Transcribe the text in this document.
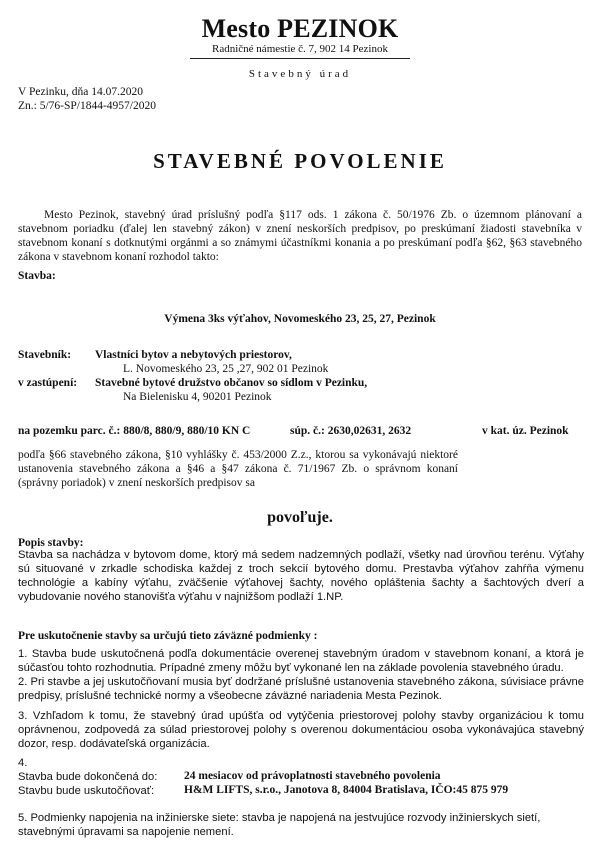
Mesto PEZINOK
Radničné námestie č. 7, 902 14 Pezinok
Stavebný úrad
V Pezinku, dňa 14.07.2020
Zn.: 5/76-SP/1844-4957/2020
STAVEBNÉ POVOLENIE
Mesto Pezinok, stavebný úrad príslušný podľa §117 ods. 1 zákona č. 50/1976 Zb. o územnom plánovaní a stavebnom poriadku (ďalej len stavebný zákon) v znení neskorších predpisov, po preskúmaní žiadosti stavebníka v stavebnom konaní s dotknutými orgánmi a so známymi účastníkmi konania a po preskúmaní podľa §62, §63 stavebného zákona v stavebnom konaní rozhodol takto:
Stavba:
Výmena 3ks výťahov, Novomeského 23, 25, 27, Pezinok
Stavebník: Vlastníci bytov a nebytových priestorov,
L. Novomeského 23, 25 ,27, 902 01 Pezinok
v zastúpení: Stavebné bytové družstvo občanov so sídlom v Pezinku,
Na Bielenisku 4, 90201 Pezinok
na pozemku parc. č.: 880/8, 880/9, 880/10 KN C	súp. č.: 2630,02631, 2632	v kat. úz. Pezinok
podľa §66 stavebného zákona, §10 vyhlášky č. 453/2000 Z.z., ktorou sa vykonávajú niektoré ustanovenia stavebného zákona a §46 a §47 zákona č. 71/1967 Zb. o správnom konaní (správny poriadok) v znení neskorších predpisov sa
povoľuje.
Popis stavby:
Stavba sa nachádza v bytovom dome, ktorý má sedem nadzemných podlaží, všetky nad úrovňou terénu. Výťahy sú situované v zrkadle schodiska každej z troch sekcií bytového domu. Prestavba výťahov zahŕňa výmenu technológie a kabíny výťahu, zväčšenie výťahovej šachty, nového opláštenia šachty a šachtových dverí a vybudovanie nového stanovišťa výťahu v najnižšom podlaží 1.NP.
Pre uskutočnenie stavby sa určujú tieto záväzné podmienky :
1. Stavba bude uskutočnená podľa dokumentácie overenej stavebným úradom v stavebnom konaní, a ktorá je súčasťou tohto rozhodnutia. Prípadné zmeny môžu byť vykonané len na základe povolenia stavebného úradu.
2. Pri stavbe a jej uskutočňovaní musia byť dodržané príslušné ustanovenia stavebného zákona, súvisiace právne predpisy, príslušné technické normy a všeobecne záväzné nariadenia Mesta Pezinok.
3. Vzhľadom k tomu, že stavebný úrad upúšťa od vytýčenia priestorovej polohy stavby organizáciou k tomu oprávnenou, zodpovedá za súlad priestorovej polohy s overenou dokumentáciou osoba vykonávajúca stavebný dozor, resp. dodávateľská organizácia.
4.
Stavba bude dokončená do: 24 mesiacov od právoplatnosti stavebného povolenia
Stavbu bude uskutočňovať:	H&M LIFTS, s.r.o., Janotova 8, 84004 Bratislava, IČO:45 875 979
5. Podmienky napojenia na inžinierske siete: stavba je napojená na jestvujúce rozvody inžinierskych sietí, stavebnými úpravami sa napojenie nemení.
